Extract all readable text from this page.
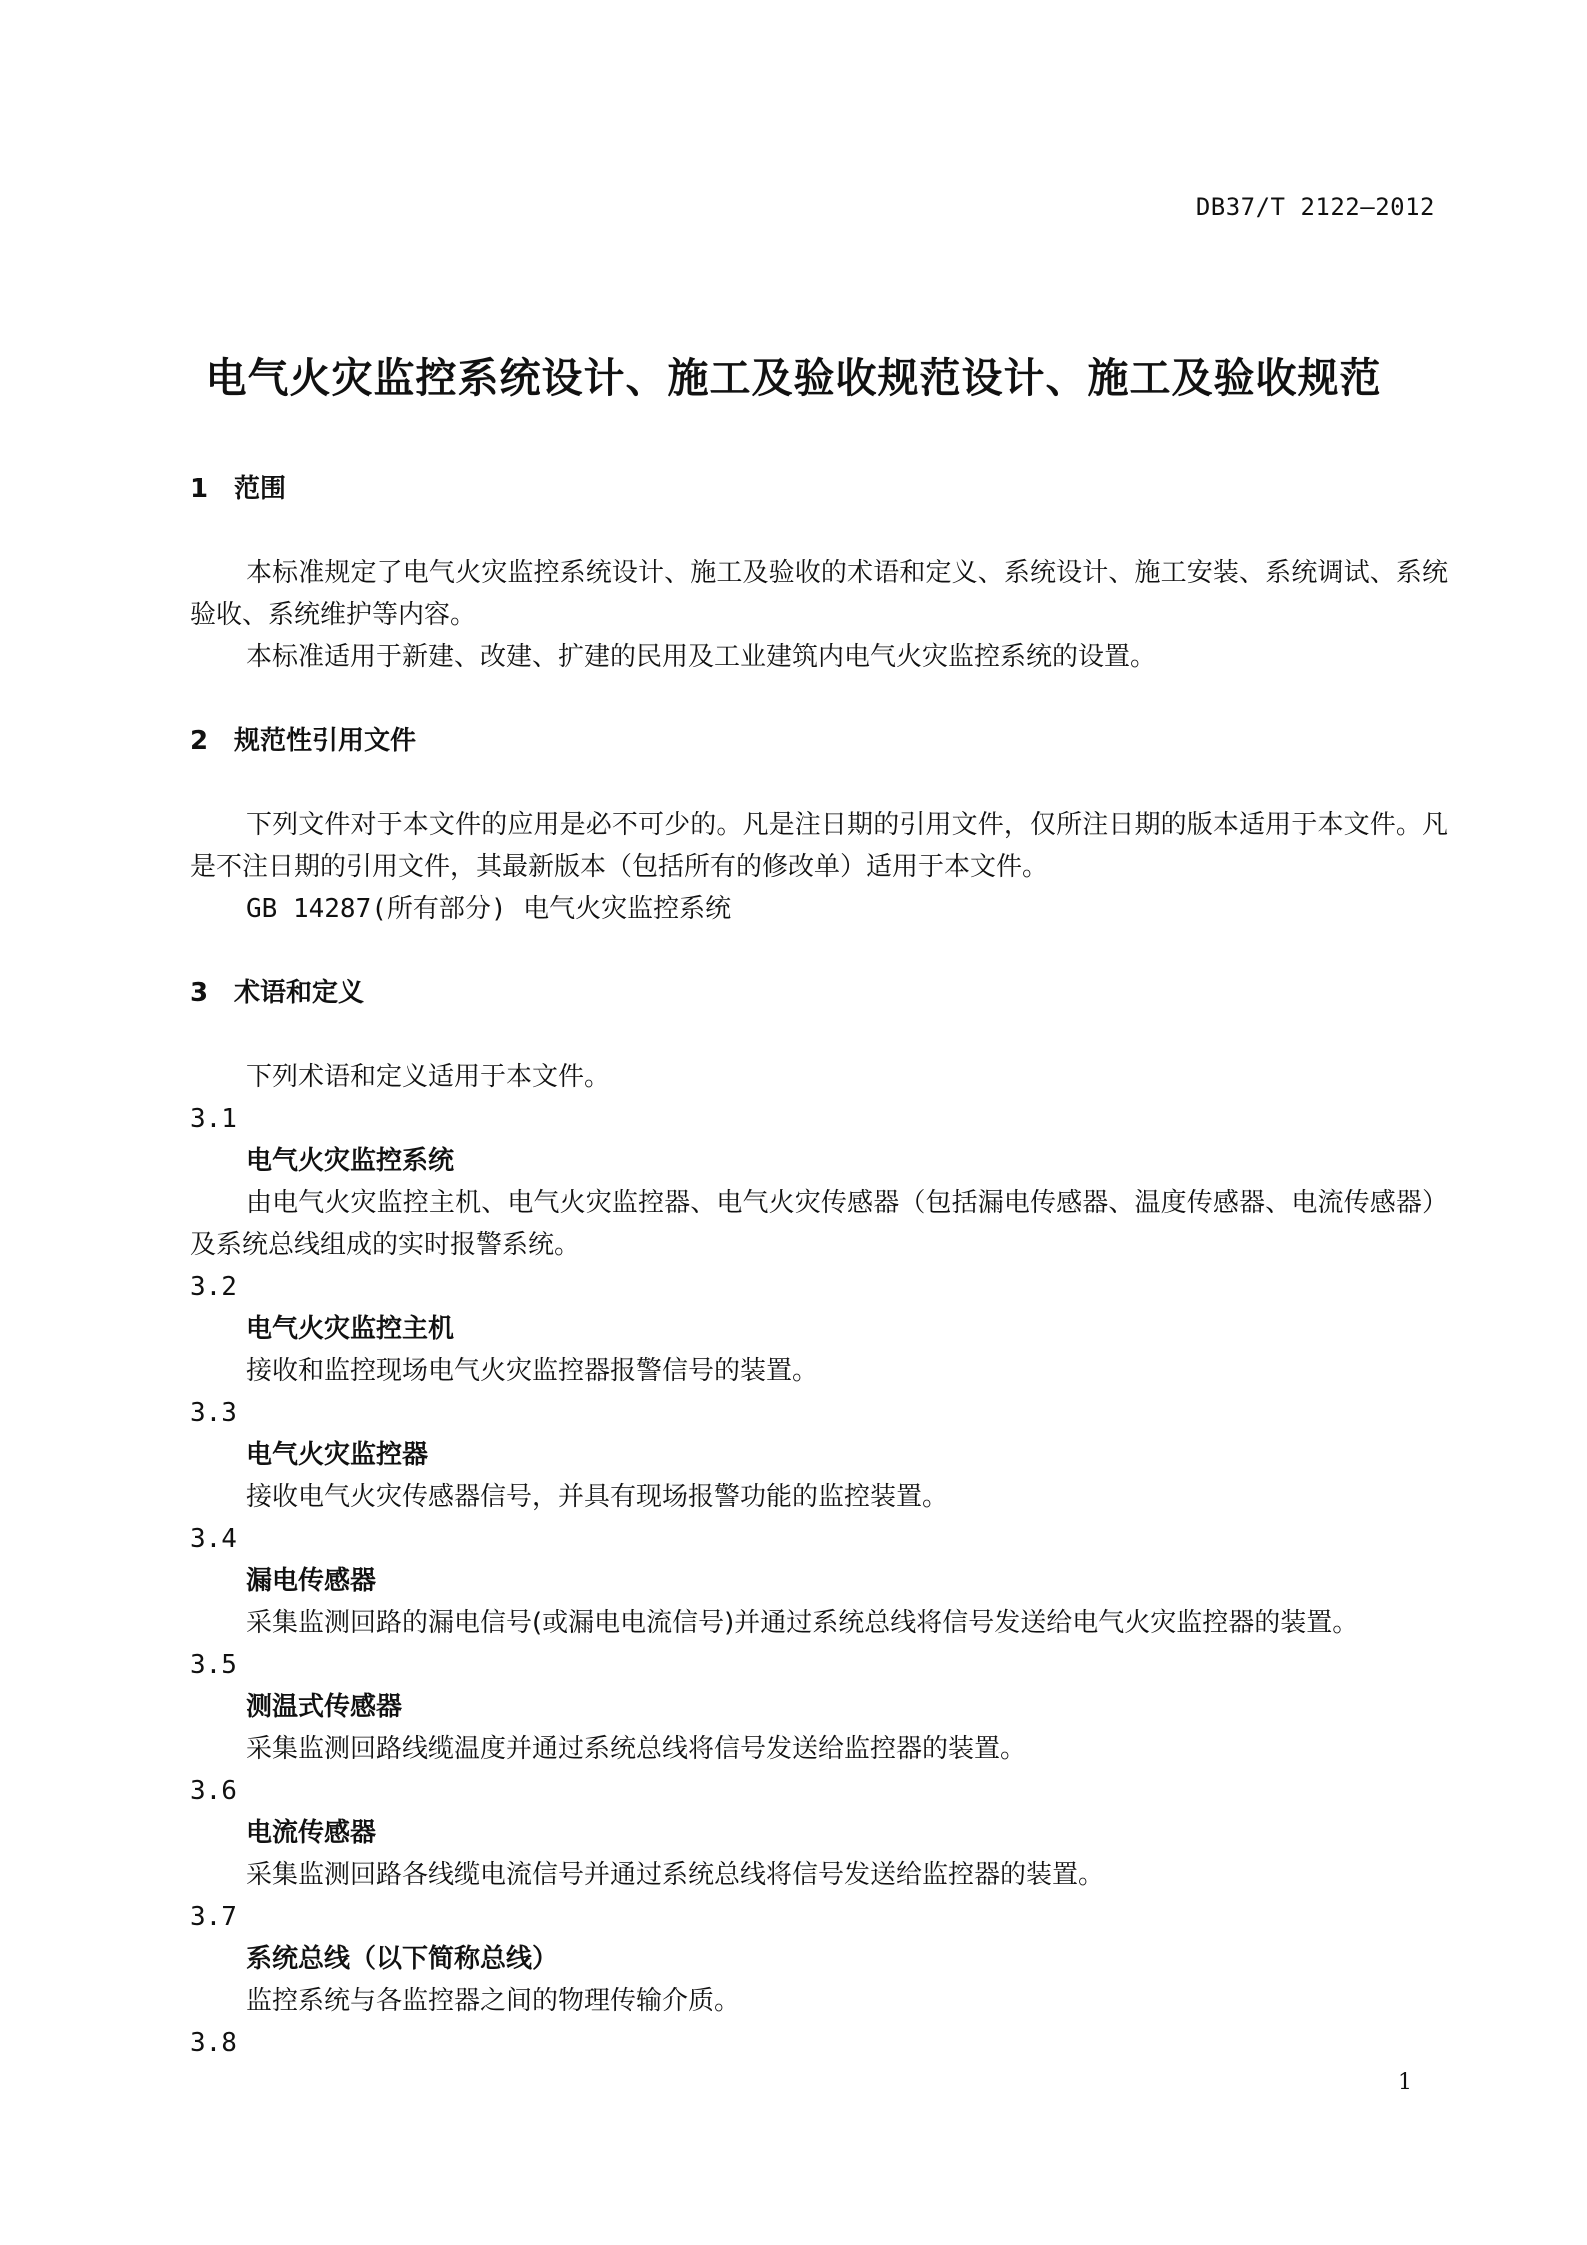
DB37/T 2122—2012
电气火灾监控系统设计、施工及验收规范设计、施工及验收规范
1 范围
本标准规定了电气火灾监控系统设计、施工及验收的术语和定义、系统设计、施工安装、系统调试、系统验收、系统维护等内容。
本标准适用于新建、改建、扩建的民用及工业建筑内电气火灾监控系统的设置。
2 规范性引用文件
下列文件对于本文件的应用是必不可少的。凡是注日期的引用文件，仅所注日期的版本适用于本文件。凡是不注日期的引用文件，其最新版本（包括所有的修改单）适用于本文件。
GB 14287(所有部分) 电气火灾监控系统
3 术语和定义
下列术语和定义适用于本文件。
3.1
电气火灾监控系统
由电气火灾监控主机、电气火灾监控器、电气火灾传感器（包括漏电传感器、温度传感器、电流传感器）及系统总线组成的实时报警系统。
3.2
电气火灾监控主机
接收和监控现场电气火灾监控器报警信号的装置。
3.3
电气火灾监控器
接收电气火灾传感器信号，并具有现场报警功能的监控装置。
3.4
漏电传感器
采集监测回路的漏电信号(或漏电电流信号)并通过系统总线将信号发送给电气火灾监控器的装置。
3.5
测温式传感器
采集监测回路线缆温度并通过系统总线将信号发送给监控器的装置。
3.6
电流传感器
采集监测回路各线缆电流信号并通过系统总线将信号发送给监控器的装置。
3.7
系统总线（以下简称总线）
监控系统与各监控器之间的物理传输介质。
3.8
1
